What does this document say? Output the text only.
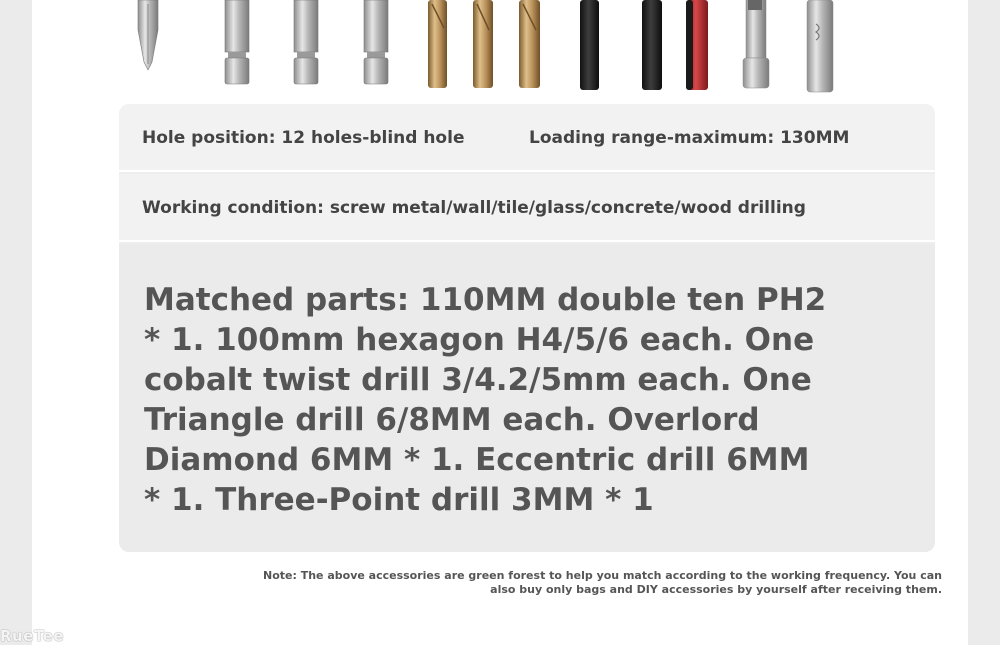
Hole position: 12 holes-blind hole	Loading range-maximum: 130MM
Working condition: screw metal/wall/tile/glass/concrete/wood drilling

Matched parts: 110MM double ten PH2
* 1. 100mm hexagon H4/5/6 each. One
cobalt twist drill 3/4.2/5mm each. One
Triangle drill 6/8MM each. Overlord
Diamond 6MM * 1. Eccentric drill 6MM
* 1. Three-Point drill 3MM * 1

Note: The above accessories are green forest to help you match according to the working frequency. You can
also buy only bags and DIY accessories by yourself after receiving them.

RueTee
